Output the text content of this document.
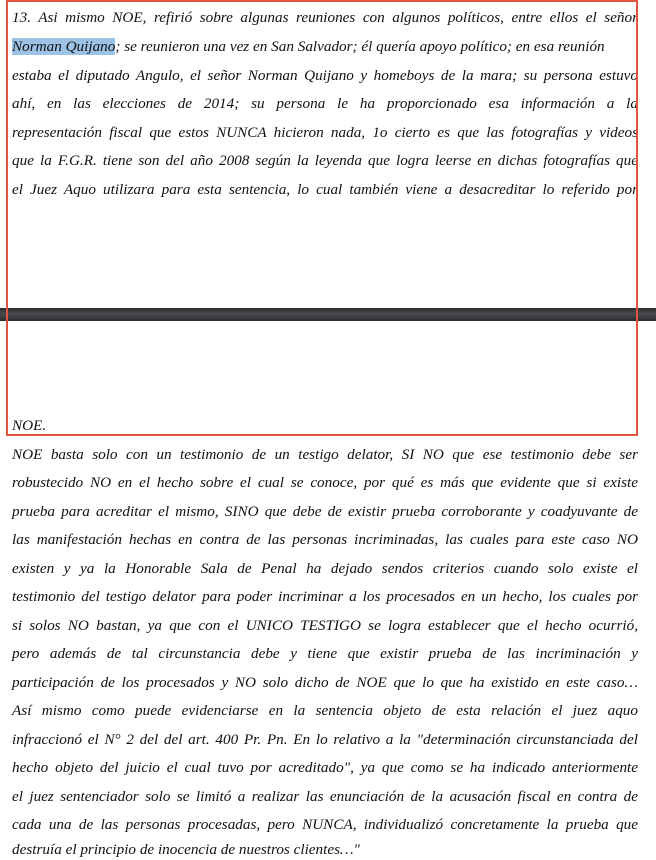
13. Asi mismo NOE, refirió sobre algunas reuniones con algunos políticos, entre ellos el señor
Norman Quijano; se reunieron una vez en San Salvador; él quería apoyo político; en esa reunión
estaba el diputado Angulo, el señor Norman Quijano y homeboys de la mara; su persona estuvo
ahí, en las elecciones de 2014; su persona le ha proporcionado esa información a la
representación fiscal que estos NUNCA hicieron nada, 1o cierto es que las fotografías y videos
que la F.G.R. tiene son del año 2008 según la leyenda que logra leerse en dichas fotografías que
el Juez Aquo utilizara para esta sentencia, lo cual también viene a desacreditar lo referido por
NOE.
NOE basta solo con un testimonio de un testigo delator, SI NO que ese testimonio debe ser
robustecido NO en el hecho sobre el cual se conoce, por qué es más que evidente que si existe
prueba para acreditar el mismo, SINO que debe de existir prueba corroborante y coadyuvante de
las manifestación hechas en contra de las personas incriminadas, las cuales para este caso NO
existen y ya la Honorable Sala de Penal ha dejado sendos criterios cuando solo existe el
testimonio del testigo delator para poder incriminar a los procesados en un hecho, los cuales por
si solos NO bastan, ya que con el UNICO TESTIGO se logra establecer que el hecho ocurrió,
pero además de tal circunstancia debe y tiene que existir prueba de las incriminación y
participación de los procesados y NO solo dicho de NOE que lo que ha existido en este caso…
Así mismo como puede evidenciarse en la sentencia objeto de esta relación el juez aquo
infraccionó el N° 2 del del art. 400 Pr. Pn. En lo relativo a la "determinación circunstanciada del
hecho objeto del juicio el cual tuvo por acreditado", ya que como se ha indicado anteriormente
el juez sentenciador solo se limitó a realizar las enunciación de la acusación fiscal en contra de
cada una de las personas procesadas, pero NUNCA, individualizó concretamente la prueba que
destruía el principio de inocencia de nuestros clientes…"
